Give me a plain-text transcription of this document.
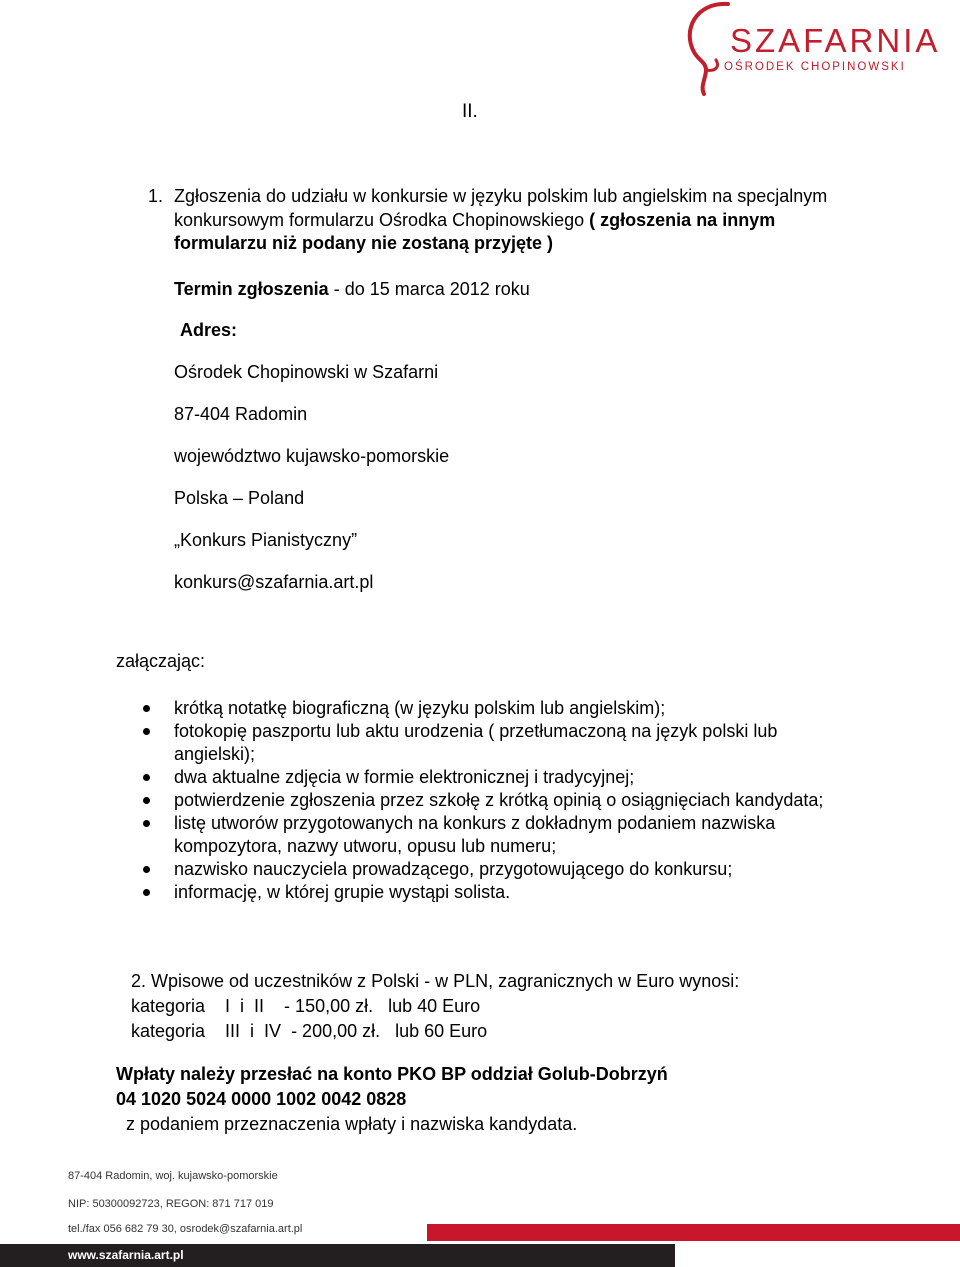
SZAFARNIA
OŚRODEK CHOPINOWSKI
II.
1. Zgłoszenia do udziału w konkursie w języku polskim lub angielskim na specjalnym konkursowym formularzu Ośrodka Chopinowskiego ( zgłoszenia na innym formularzu niż podany nie zostaną przyjęte )
Termin zgłoszenia - do 15 marca 2012 roku
Adres:
Ośrodek Chopinowski w Szafarni
87-404 Radomin
województwo kujawsko-pomorskie
Polska – Poland
„Konkurs Pianistyczny”
konkurs@szafarnia.art.pl
załączając:
krótką notatkę biograficzną (w języku polskim lub angielskim);
fotokopię paszportu lub aktu urodzenia ( przetłumaczoną na język polski lub angielski);
dwa aktualne zdjęcia w formie elektronicznej i tradycyjnej;
potwierdzenie zgłoszenia przez szkołę z krótką opinią o osiągnięciach kandydata;
listę utworów przygotowanych na konkurs z dokładnym podaniem nazwiska kompozytora, nazwy utworu, opusu lub numeru;
nazwisko nauczyciela prowadzącego, przygotowującego do konkursu;
informację, w której grupie wystąpi solista.
2. Wpisowe od uczestników z Polski - w PLN, zagranicznych w Euro wynosi:
kategoria    I  i  II    - 150,00 zł.   lub 40 Euro
kategoria    III  i  IV  - 200,00 zł.   lub 60 Euro
Wpłaty należy przesłać na konto PKO BP oddział Golub-Dobrzyń
04 1020 5024 0000 1002 0042 0828
z podaniem przeznaczenia wpłaty i nazwiska kandydata.
87-404 Radomin, woj. kujawsko-pomorskie
NIP: 50300092723, REGON: 871 717 019
tel./fax 056 682 79 30, osrodek@szafarnia.art.pl
www.szafarnia.art.pl
